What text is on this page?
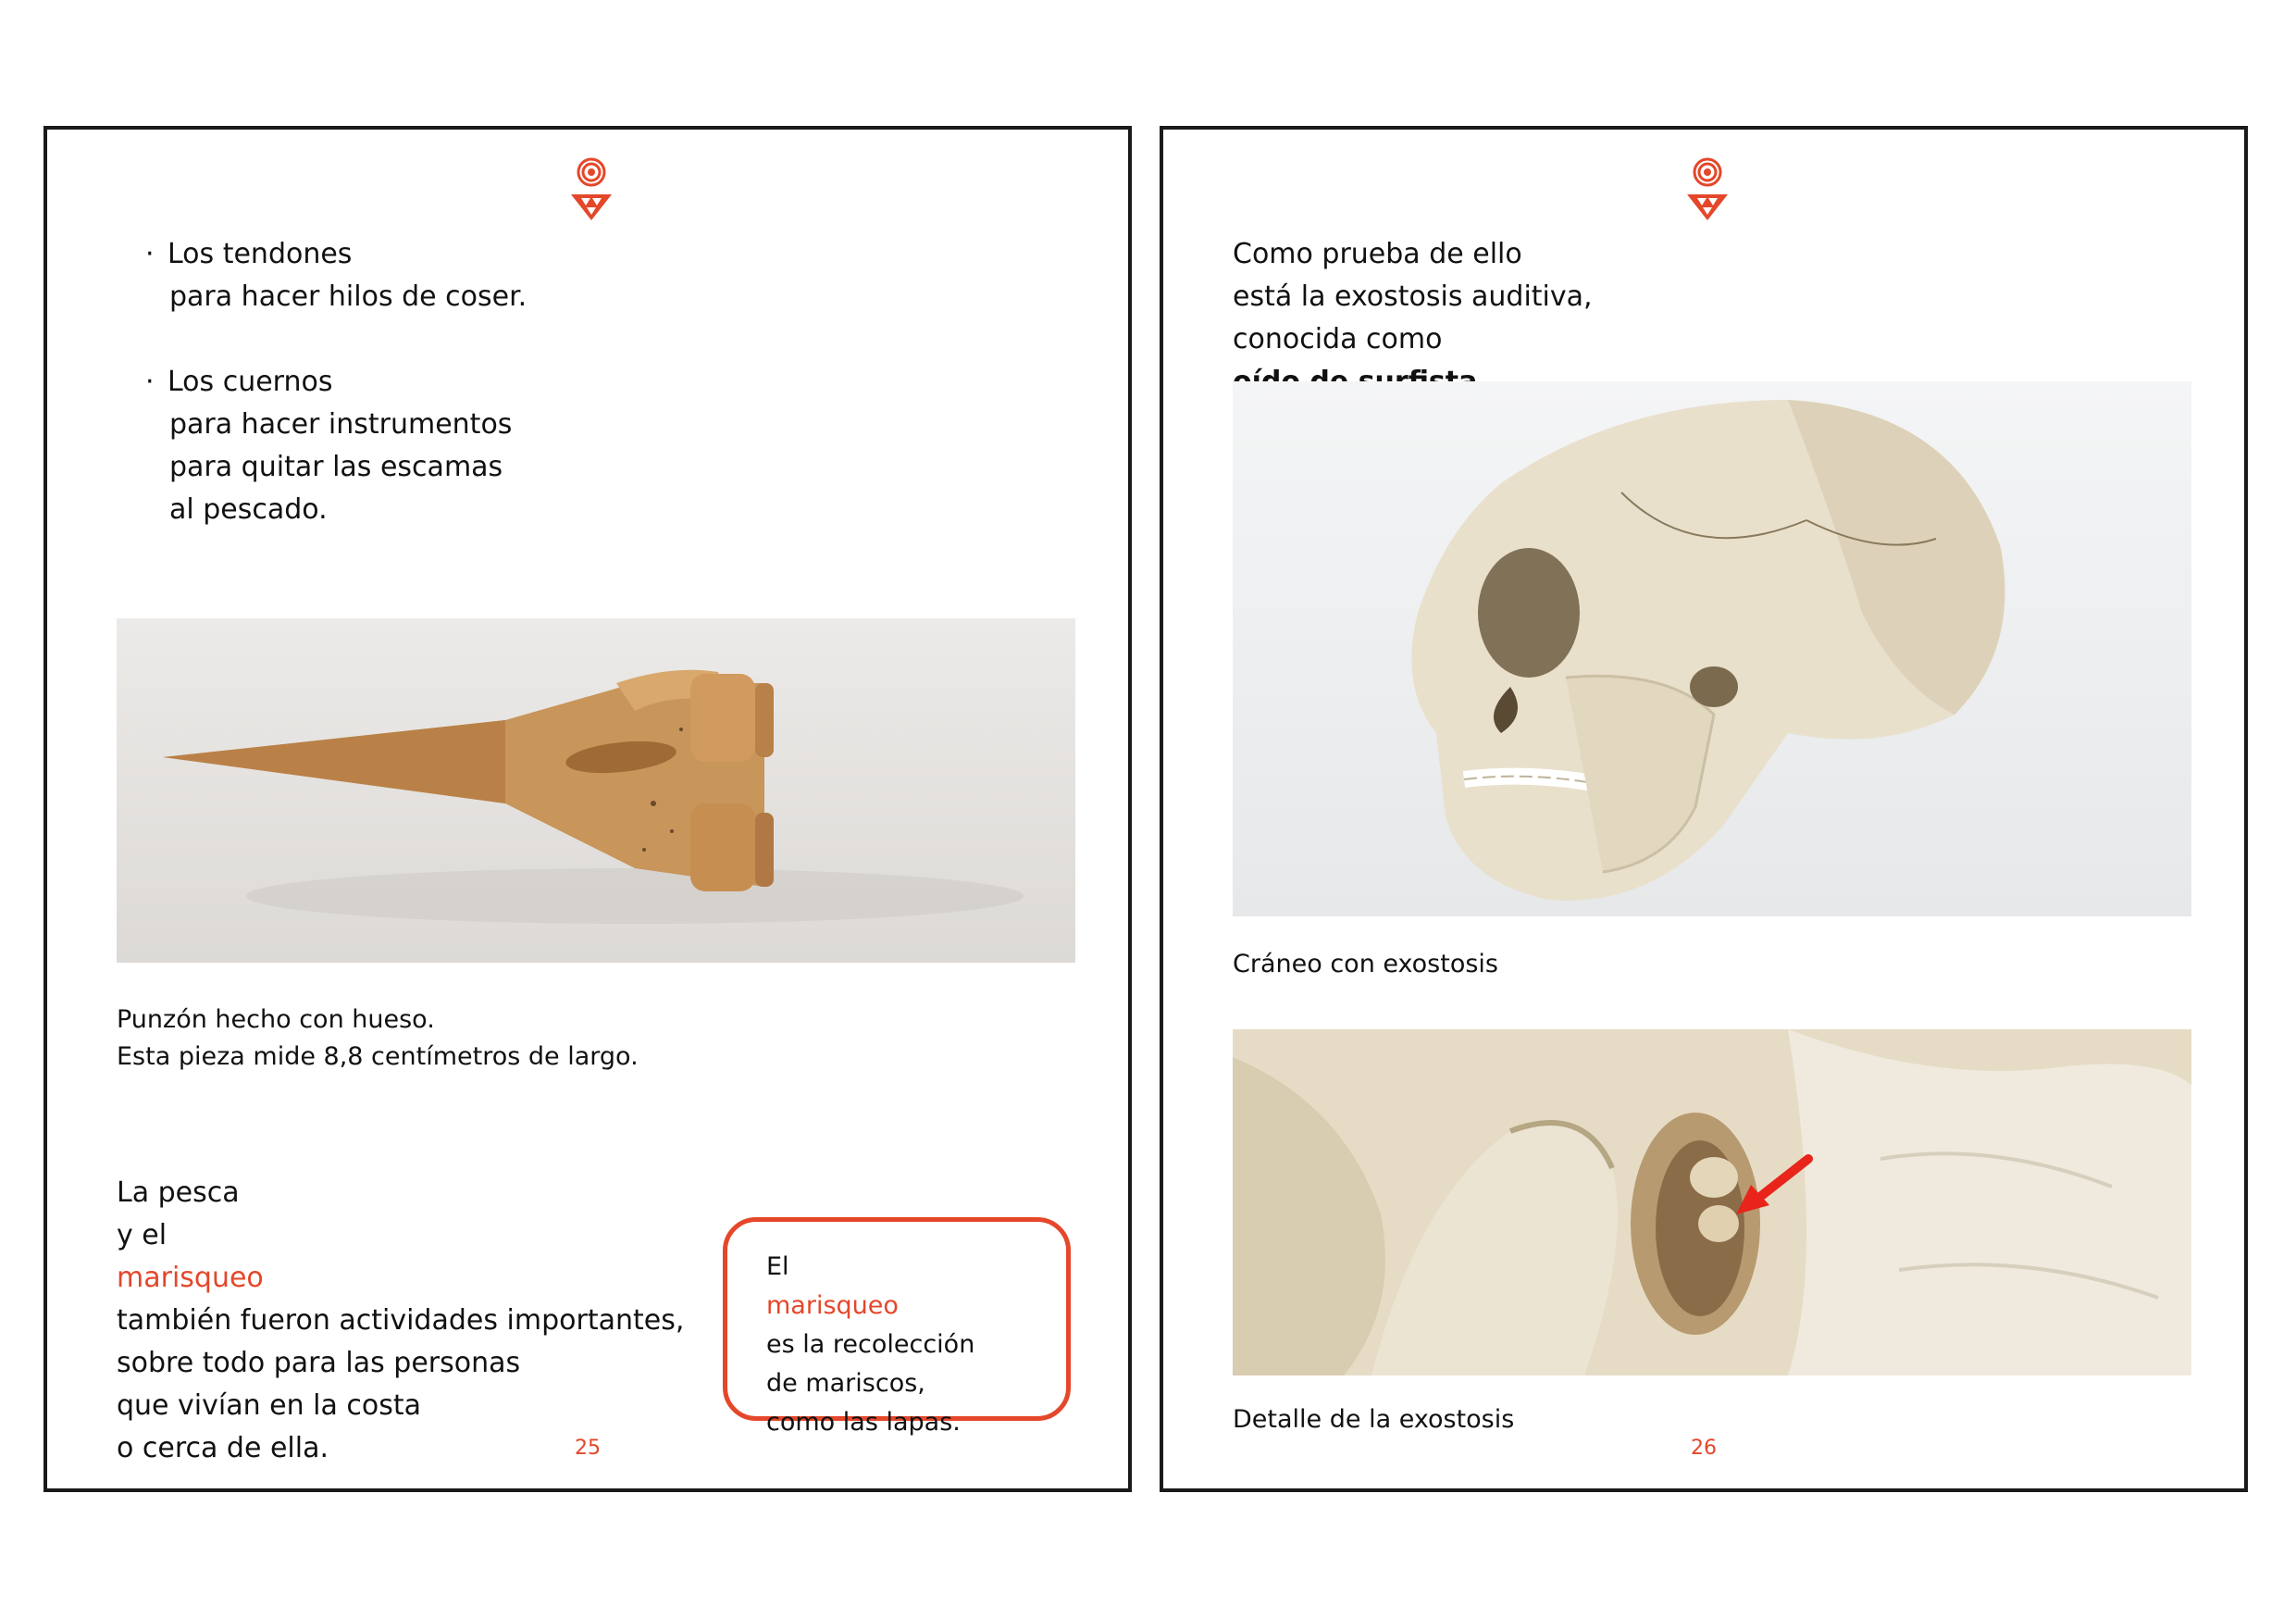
· Los tendones
para hacer hilos de coser.
· Los cuernos
para hacer instrumentos
para quitar las escamas
al pescado.
Punzón hecho con hueso.
Esta pieza mide 8,8 centímetros de largo.
La pesca
y el
marisqueo
también fueron actividades importantes,
sobre todo para las personas
que vivían en la costa
o cerca de ella.
El
marisqueo
es la recolección
de mariscos,
como las lapas.
25
Como prueba de ello
está la exostosis auditiva,
conocida como
Cráneo con exostosis
Detalle de la exostosis
26
